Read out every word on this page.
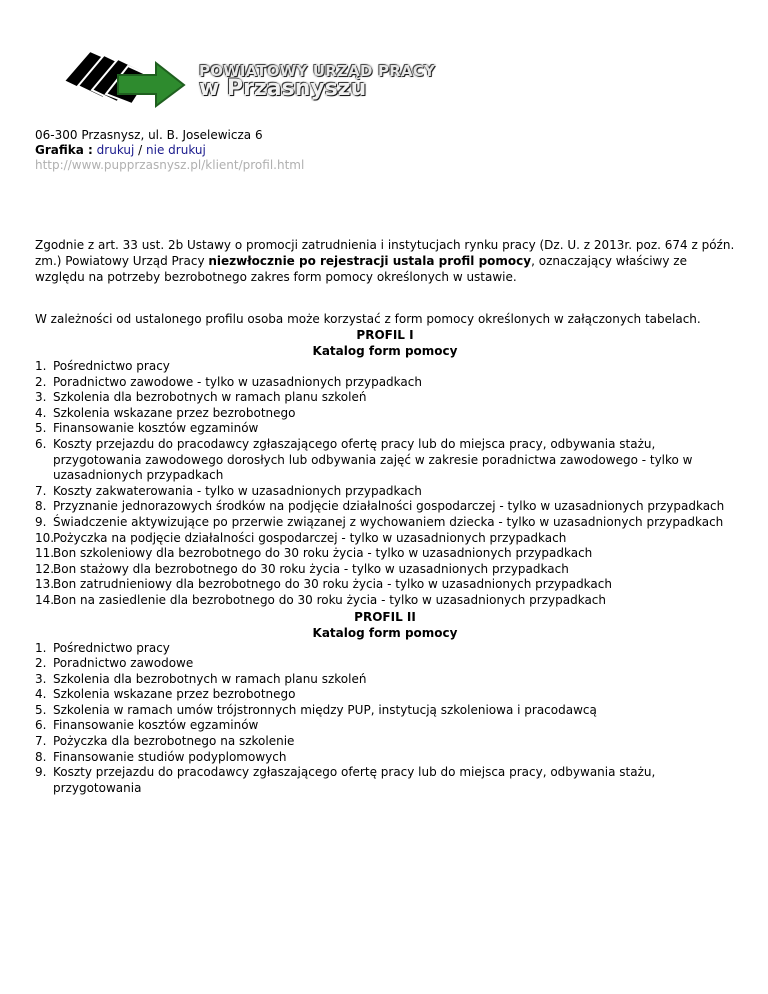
POWIATOWY URZĄD PRACY
w Przasnyszu
06-300 Przasnysz, ul. B. Joselewicza 6
Grafika : drukuj / nie drukuj
http://www.pupprzasnysz.pl/klient/profil.html

Zgodnie z art. 33 ust. 2b Ustawy o promocji zatrudnienia i instytucjach rynku pracy (Dz. U. z 2013r. poz. 674 z późn. zm.) Powiatowy Urząd Pracy niezwłocznie po rejestracji ustala profil pomocy, oznaczający właściwy ze względu na potrzeby bezrobotnego zakres form pomocy określonych w ustawie.

W zależności od ustalonego profilu osoba może korzystać z form pomocy określonych w załączonych tabelach.

PROFIL I

Katalog form pomocy

1. Pośrednictwo pracy
2. Poradnictwo zawodowe - tylko w uzasadnionych przypadkach
3. Szkolenia dla bezrobotnych w ramach planu szkoleń
4. Szkolenia wskazane przez bezrobotnego
5. Finansowanie kosztów egzaminów
6. Koszty przejazdu do pracodawcy zgłaszającego ofertę pracy lub do miejsca pracy, odbywania stażu, przygotowania zawodowego dorosłych lub odbywania zajęć w zakresie poradnictwa zawodowego - tylko w uzasadnionych przypadkach
7. Koszty zakwaterowania - tylko w uzasadnionych przypadkach
8. Przyznanie jednorazowych środków na podjęcie działalności gospodarczej - tylko w uzasadnionych przypadkach
9. Świadczenie aktywizujące po przerwie związanej z wychowaniem dziecka - tylko w uzasadnionych przypadkach
10.
Pożyczka na podjęcie działalności gospodarczej - tylko w uzasadnionych przypadkach
11.
Bon szkoleniowy dla bezrobotnego do 30 roku życia - tylko w uzasadnionych przypadkach
12.
Bon stażowy dla bezrobotnego do 30 roku życia - tylko w uzasadnionych przypadkach
13.
Bon zatrudnieniowy dla bezrobotnego do 30 roku życia - tylko w uzasadnionych przypadkach
14.
Bon na zasiedlenie dla bezrobotnego do 30 roku życia - tylko w uzasadnionych przypadkach

PROFIL II

Katalog form pomocy

1. Pośrednictwo pracy
2. Poradnictwo zawodowe
3. Szkolenia dla bezrobotnych w ramach planu szkoleń
4. Szkolenia wskazane przez bezrobotnego
5. Szkolenia w ramach umów trójstronnych między PUP, instytucją szkoleniowa i pracodawcą
6. Finansowanie kosztów egzaminów
7. Pożyczka dla bezrobotnego na szkolenie
8. Finansowanie studiów podyplomowych
9. Koszty przejazdu do pracodawcy zgłaszającego ofertę pracy lub do miejsca pracy, odbywania stażu, przygotowania
